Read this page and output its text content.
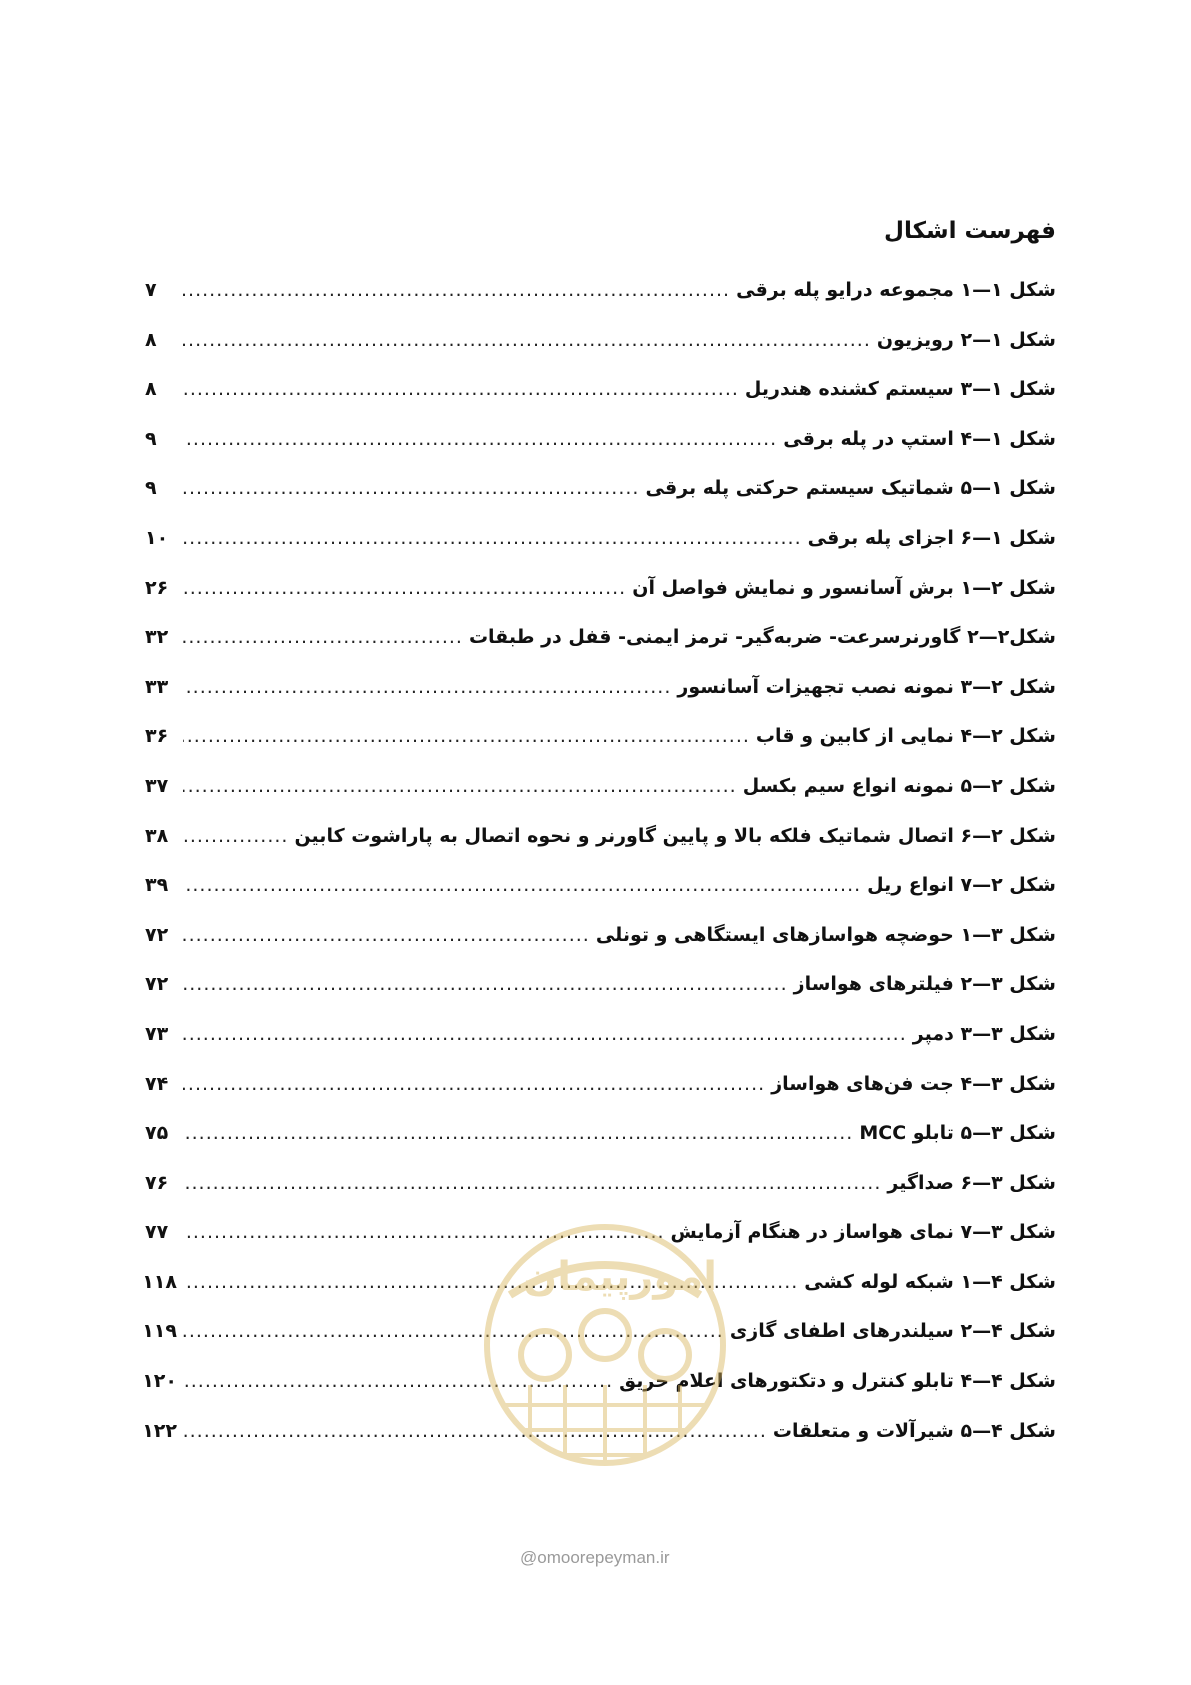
فهرست اشکال
شکل ۱—۱ مجموعه درایو پله برقی
.....
۷
شکل ۱—۲ رویزیون
.....
۸
شکل ۱—۳ سیستم کشنده هندریل
.....
۸
شکل ۱—۴ استپ در پله برقی
.....
۹
شکل ۱—۵ شماتیک سیستم حرکتی پله برقی
.....
۹
شکل ۱—۶ اجزای پله برقی
.....
۱۰
شکل ۲—۱ برش آسانسور و نمایش فواصل آن
.....
۲۶
شکل۲—۲ گاورنرسرعت- ضربه‌گیر- ترمز ایمنی- قفل در طبقات
.....
۳۲
شکل ۲—۳ نمونه نصب تجهیزات آسانسور
.....
۳۳
شکل ۲—۴ نمایی از کابین و قاب
.....
۳۶
شکل ۲—۵ نمونه انواع سیم بکسل
.....
۳۷
شکل ۲—۶ اتصال شماتیک فلکه بالا و پایین گاورنر و نحوه اتصال به پاراشوت کابین
.....
۳۸
شکل ۲—۷ انواع ریل
.....
۳۹
شکل ۳—۱ حوضچه هواسازهای ایستگاهی و تونلی
.....
۷۲
شکل ۳—۲ فیلترهای هواساز
.....
۷۲
شکل ۳—۳ دمپر
.....
۷۳
شکل ۳—۴ جت فن‌های هواساز
.....
۷۴
شکل ۳—۵ تابلو MCC
.....
۷۵
شکل ۳—۶ صداگیر
.....
۷۶
شکل ۳—۷ نمای هواساز در هنگام آزمایش
.....
۷۷
شکل ۴—۱ شبکه لوله کشی
.....
۱۱۸
شکل ۴—۲ سیلندرهای اطفای گازی
.....
۱۱۹
شکل ۴—۴ تابلو کنترل و دتکتورهای اعلام حریق
.....
۱۲۰
شکل ۴—۵ شیرآلات و متعلقات
.....
۱۲۲
امورپیمان
@omoorepeyman.ir
